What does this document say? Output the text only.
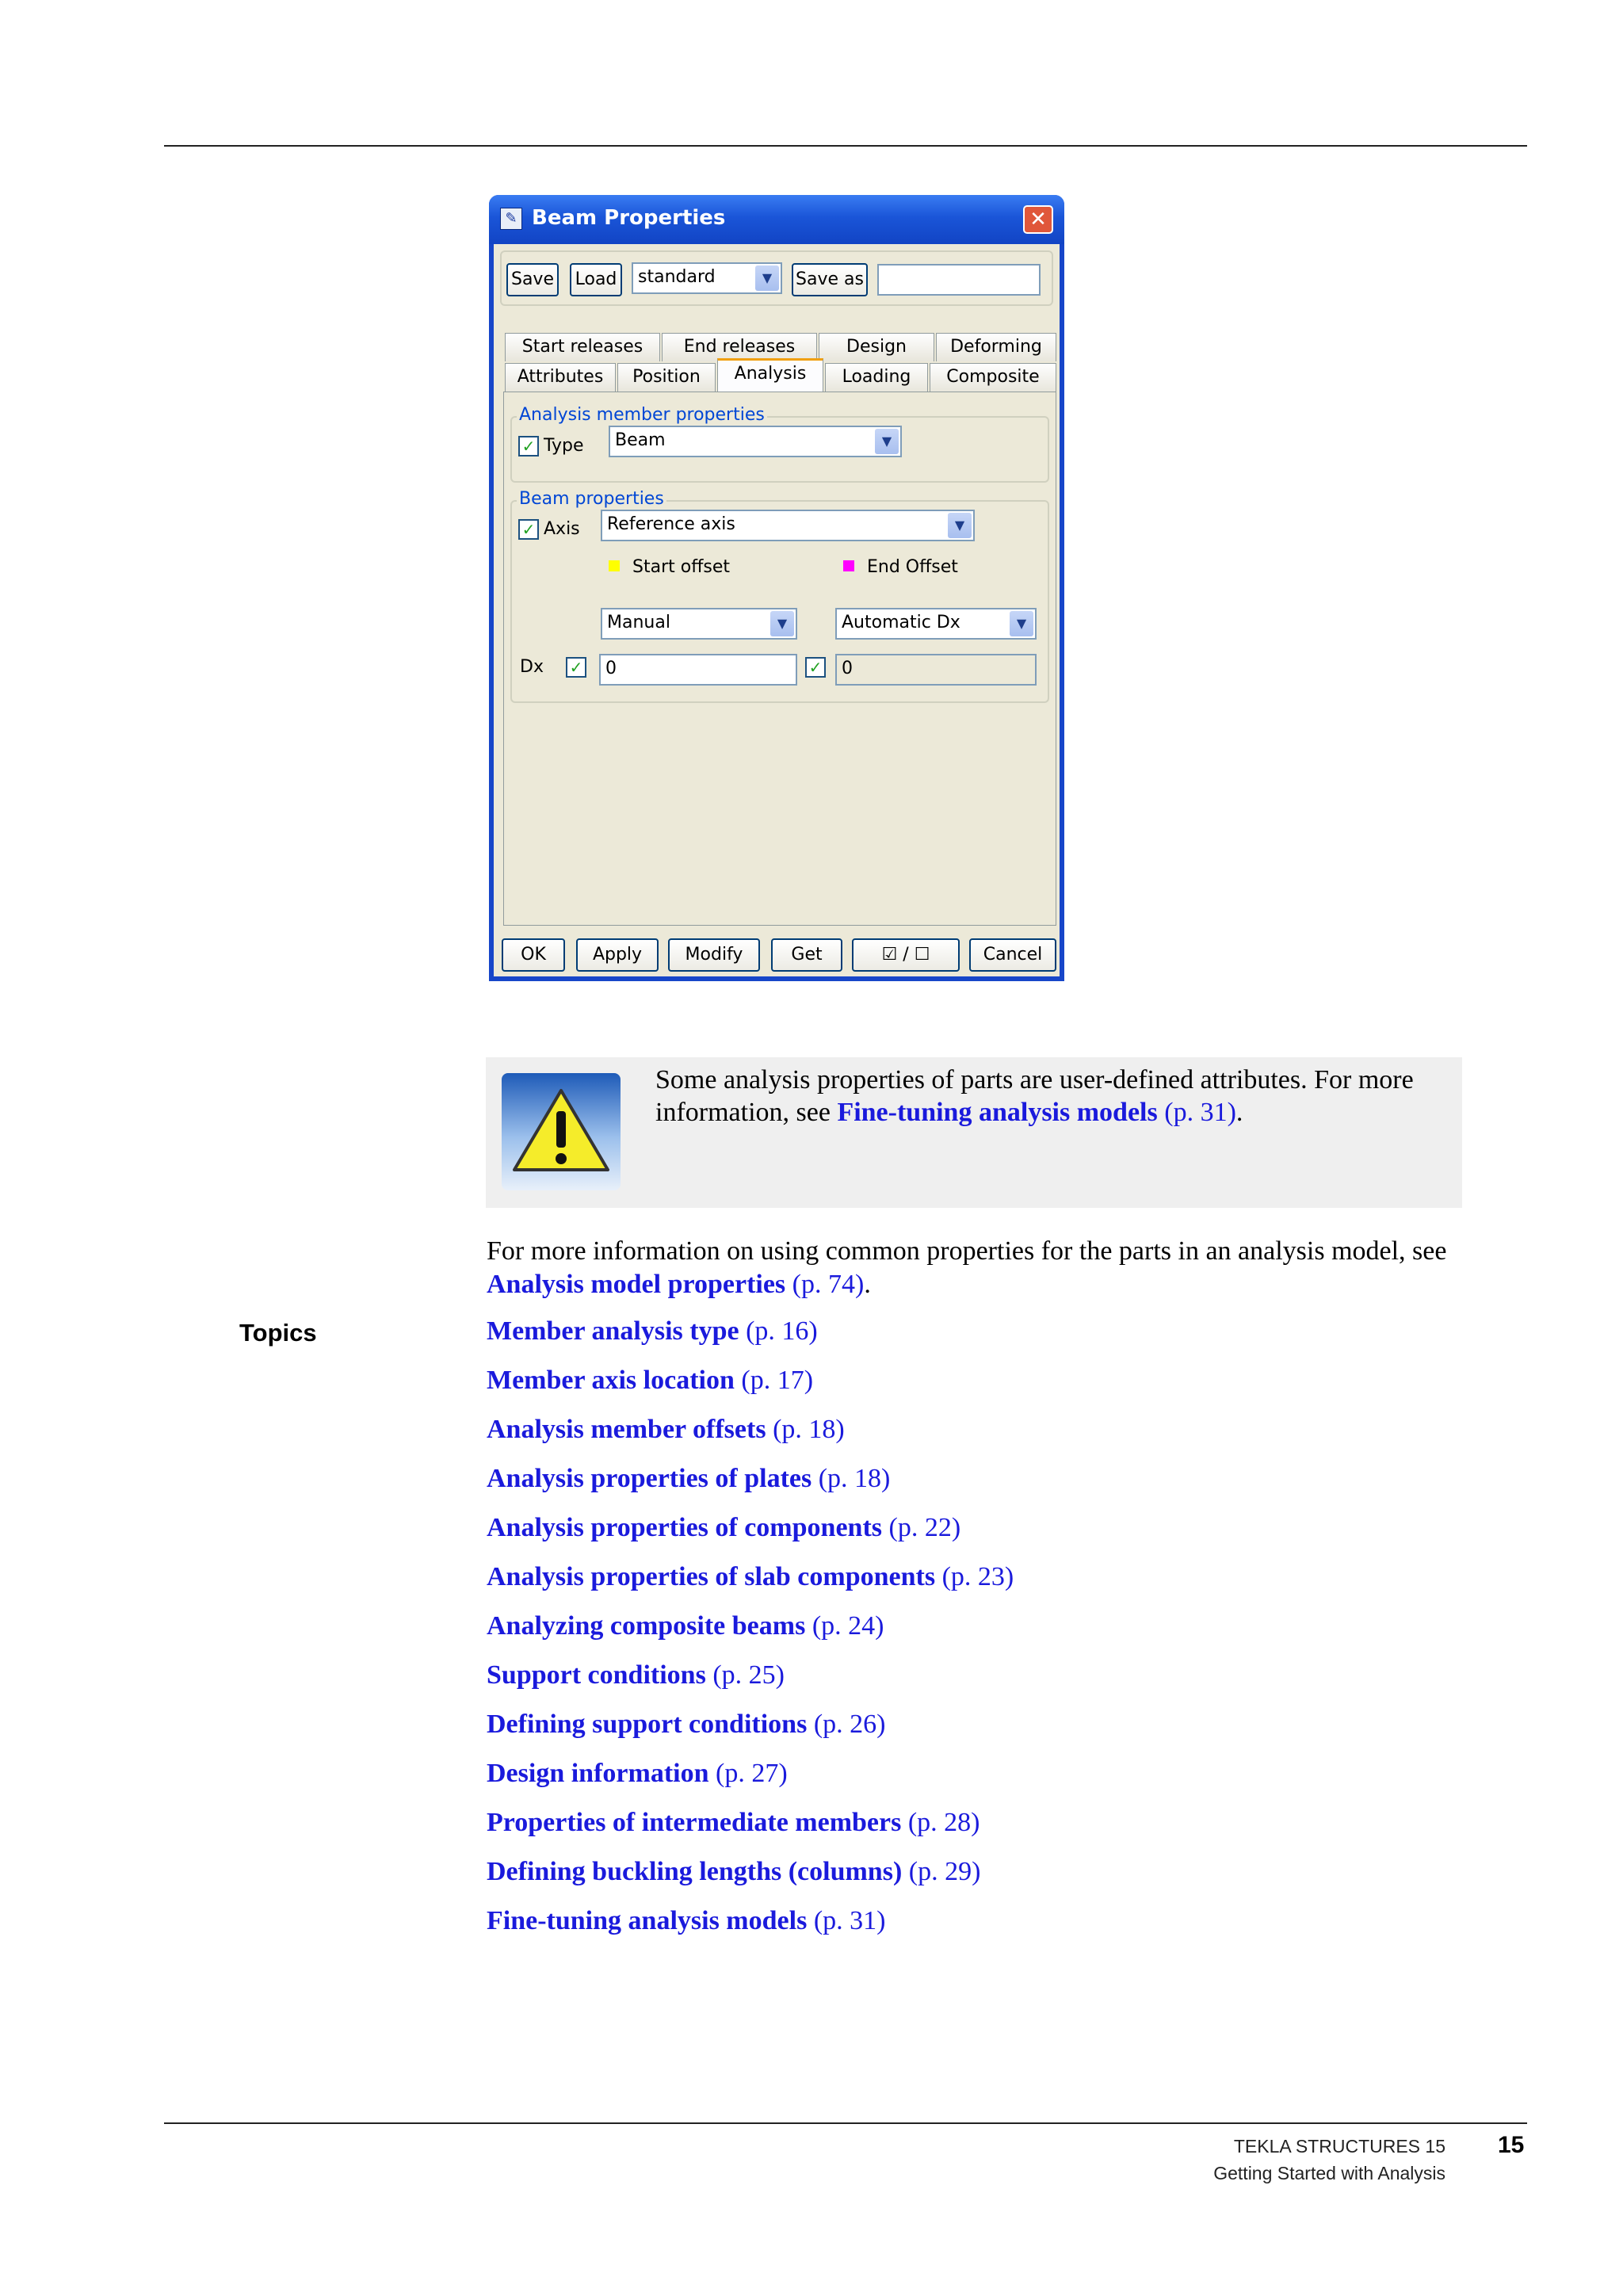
✎ Beam Properties	✕
Save	Load	standard	▼	Save as
Start releases	End releases	Design	Deforming
Attributes	Position	Analysis	Loading	Composite
Analysis member properties
✓ Type	Beam	▼
Beam properties
✓ Axis	Reference axis	▼
Start offset	End Offset
Manual	▼	Automatic Dx	▼
Dx ✓	0	✓	0
OK	Apply	Modify	Get	☑ / ☐	Cancel
Some analysis properties of parts are user-defined attributes. For more information, see Fine-tuning analysis models (p. 31).
For more information on using common properties for the parts in an analysis model, see Analysis model properties (p. 74).
Topics	Member analysis type (p. 16)
Member axis location (p. 17)
Analysis member offsets (p. 18)
Analysis properties of plates (p. 18)
Analysis properties of components (p. 22)
Analysis properties of slab components (p. 23)
Analyzing composite beams (p. 24)
Support conditions (p. 25)
Defining support conditions (p. 26)
Design information (p. 27)
Properties of intermediate members (p. 28)
Defining buckling lengths (columns) (p. 29)
Fine-tuning analysis models (p. 31)
TEKLA STRUCTURES 15
Getting Started with Analysis
15
